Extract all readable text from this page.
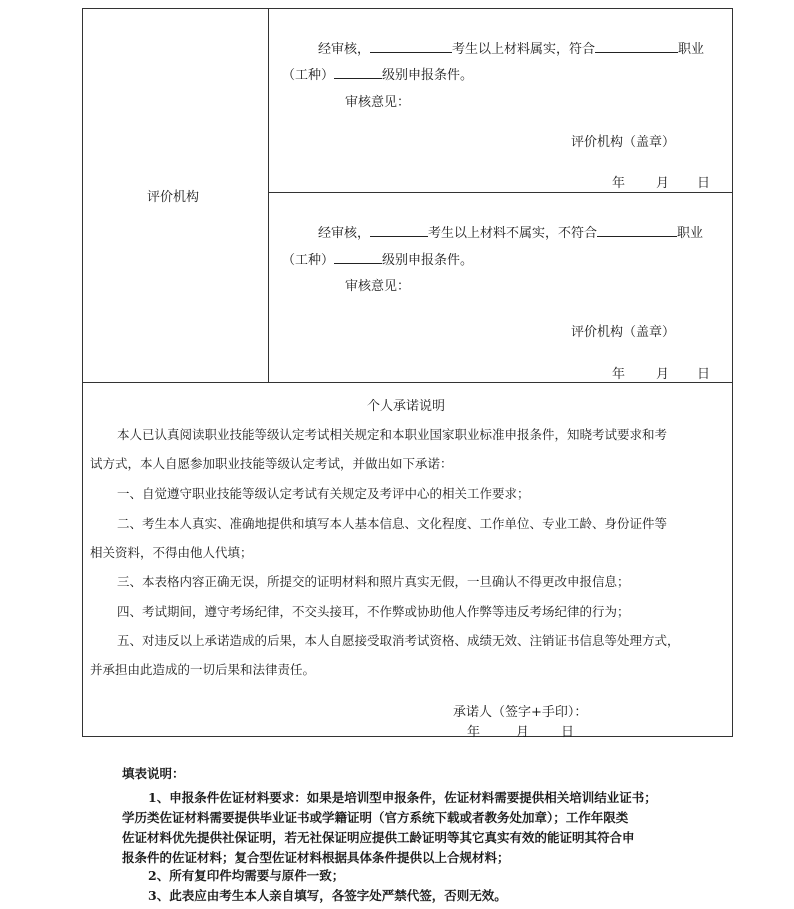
评价机构
经审核，	考生以上材料属实，符合	职业
（工种）	级别申报条件。
审核意见：
评价机构（盖章）
年 月 日
经审核，	考生以上材料不属实，不符合	职业
（工种）	级别申报条件。
审核意见：
评价机构（盖章）
年 月 日
个人承诺说明
本人已认真阅读职业技能等级认定考试相关规定和本职业国家职业标准申报条件，知晓考试要求和考
试方式，本人自愿参加职业技能等级认定考试，并做出如下承诺：
一、自觉遵守职业技能等级认定考试有关规定及考评中心的相关工作要求；
二、考生本人真实、准确地提供和填写本人基本信息、文化程度、工作单位、专业工龄、身份证件等
相关资料，不得由他人代填；
三、本表格内容正确无误，所提交的证明材料和照片真实无假，一旦确认不得更改申报信息；
四、考试期间，遵守考场纪律，不交头接耳，不作弊或协助他人作弊等违反考场纪律的行为；
五、对违反以上承诺造成的后果，本人自愿接受取消考试资格、成绩无效、注销证书信息等处理方式，
并承担由此造成的一切后果和法律责任。
承诺人（签字+手印）：
年	月 日
填表说明：
1、申报条件佐证材料要求：如果是培训型申报条件，佐证材料需要提供相关培训结业证书；
学历类佐证材料需要提供毕业证书或学籍证明（官方系统下载或者教务处加章）；工作年限类
佐证材料优先提供社保证明，若无社保证明应提供工龄证明等其它真实有效的能证明其符合申
报条件的佐证材料；复合型佐证材料根据具体条件提供以上合规材料；
2、所有复印件均需要与原件一致；
3、此表应由考生本人亲自填写，各签字处严禁代签，否则无效。
